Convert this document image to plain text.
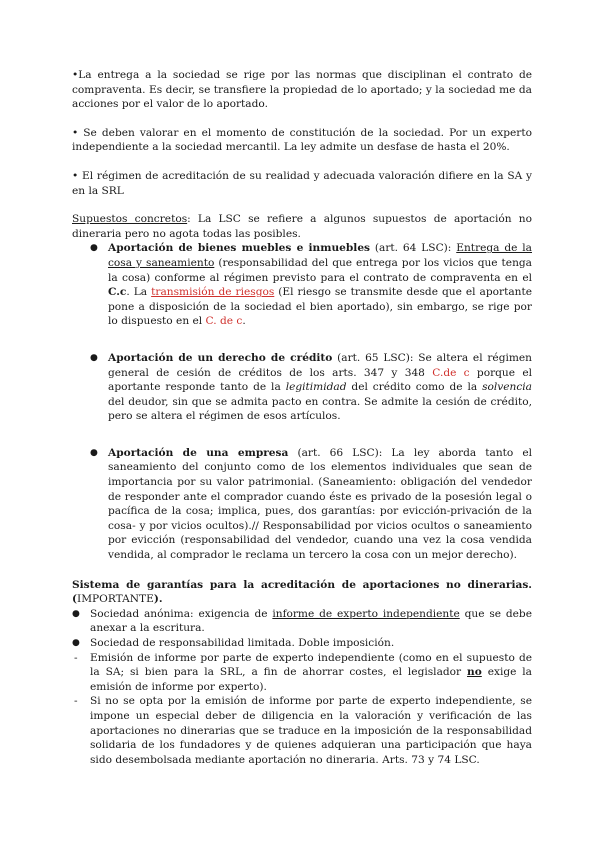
•La entrega a la sociedad se rige por las normas que disciplinan el contrato de compraventa. Es decir, se transfiere la propiedad de lo aportado; y la sociedad me da acciones por el valor de lo aportado.

• Se deben valorar en el momento de constitución de la sociedad. Por un experto independiente a la sociedad mercantil. La ley admite un desfase de hasta el 20%.

• El régimen de acreditación de su realidad y adecuada valoración difiere en la SA y en la SRL

Supuestos concretos: La LSC se refiere a algunos supuestos de aportación no dineraria pero no agota todas las posibles.

● Aportación de bienes muebles e inmuebles (art. 64 LSC): Entrega de la cosa y saneamiento (responsabilidad del que entrega por los vicios que tenga la cosa) conforme al régimen previsto para el contrato de compraventa en el C.c. La transmisión de riesgos (El riesgo se transmite desde que el aportante pone a disposición de la sociedad el bien aportado), sin embargo, se rige por lo dispuesto en el C. de c.
● Aportación de un derecho de crédito (art. 65 LSC): Se altera el régimen general de cesión de créditos de los arts. 347 y 348 C.de c porque el aportante responde tanto de la legitimidad del crédito como de la solvencia del deudor, sin que se admita pacto en contra. Se admite la cesión de crédito, pero se altera el régimen de esos artículos.
● Aportación de una empresa (art. 66 LSC): La ley aborda tanto el saneamiento del conjunto como de los elementos individuales que sean de importancia por su valor patrimonial. (Saneamiento: obligación del vendedor de responder ante el comprador cuando éste es privado de la posesión legal o pacífica de la cosa; implica, pues, dos garantías: por evicción-privación de la cosa- y por vicios ocultos).// Responsabilidad por vicios ocultos o saneamiento por evicción (responsabilidad del vendedor, cuando una vez la cosa vendida vendida, al comprador le reclama un tercero la cosa con un mejor derecho).

Sistema de garantías para la acreditación de aportaciones no dinerarias. (IMPORTANTE).

● Sociedad anónima: exigencia de informe de experto independiente que se debe anexar a la escritura.
● Sociedad de responsabilidad limitada. Doble imposición.
- Emisión de informe por parte de experto independiente (como en el supuesto de la SA; si bien para la SRL, a fin de ahorrar costes, el legislador no exige la emisión de informe por experto).
- Si no se opta por la emisión de informe por parte de experto independiente, se impone un especial deber de diligencia en la valoración y verificación de las aportaciones no dinerarias que se traduce en la imposición de la responsabilidad solidaria de los fundadores y de quienes adquieran una participación que haya sido desembolsada mediante aportación no dineraria. Arts. 73 y 74 LSC.
